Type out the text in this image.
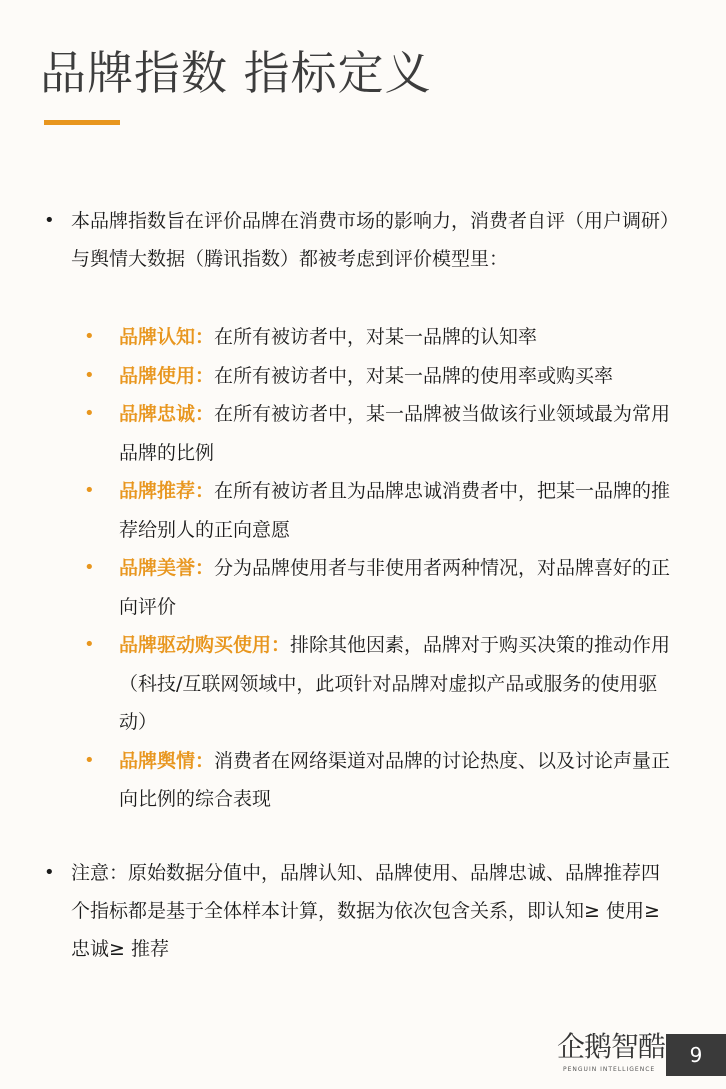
品牌指数 指标定义
• 本品牌指数旨在评价品牌在消费市场的影响力，消费者自评（用户调研）与舆情大数据（腾讯指数）都被考虑到评价模型里：
• 品牌认知：在所有被访者中，对某一品牌的认知率
• 品牌使用：在所有被访者中，对某一品牌的使用率或购买率
• 品牌忠诚：在所有被访者中，某一品牌被当做该行业领域最为常用品牌的比例
• 品牌推荐：在所有被访者且为品牌忠诚消费者中，把某一品牌的推荐给别人的正向意愿
• 品牌美誉：分为品牌使用者与非使用者两种情况，对品牌喜好的正向评价
• 品牌驱动购买使用：排除其他因素，品牌对于购买决策的推动作用（科技/互联网领域中，此项针对品牌对虚拟产品或服务的使用驱动）
• 品牌舆情：消费者在网络渠道对品牌的讨论热度、以及讨论声量正向比例的综合表现
• 注意：原始数据分值中，品牌认知、品牌使用、品牌忠诚、品牌推荐四个指标都是基于全体样本计算，数据为依次包含关系，即认知≥ 使用≥ 忠诚≥ 推荐
企鹅智酷
PENGUIN INTELLIGENCE
9
